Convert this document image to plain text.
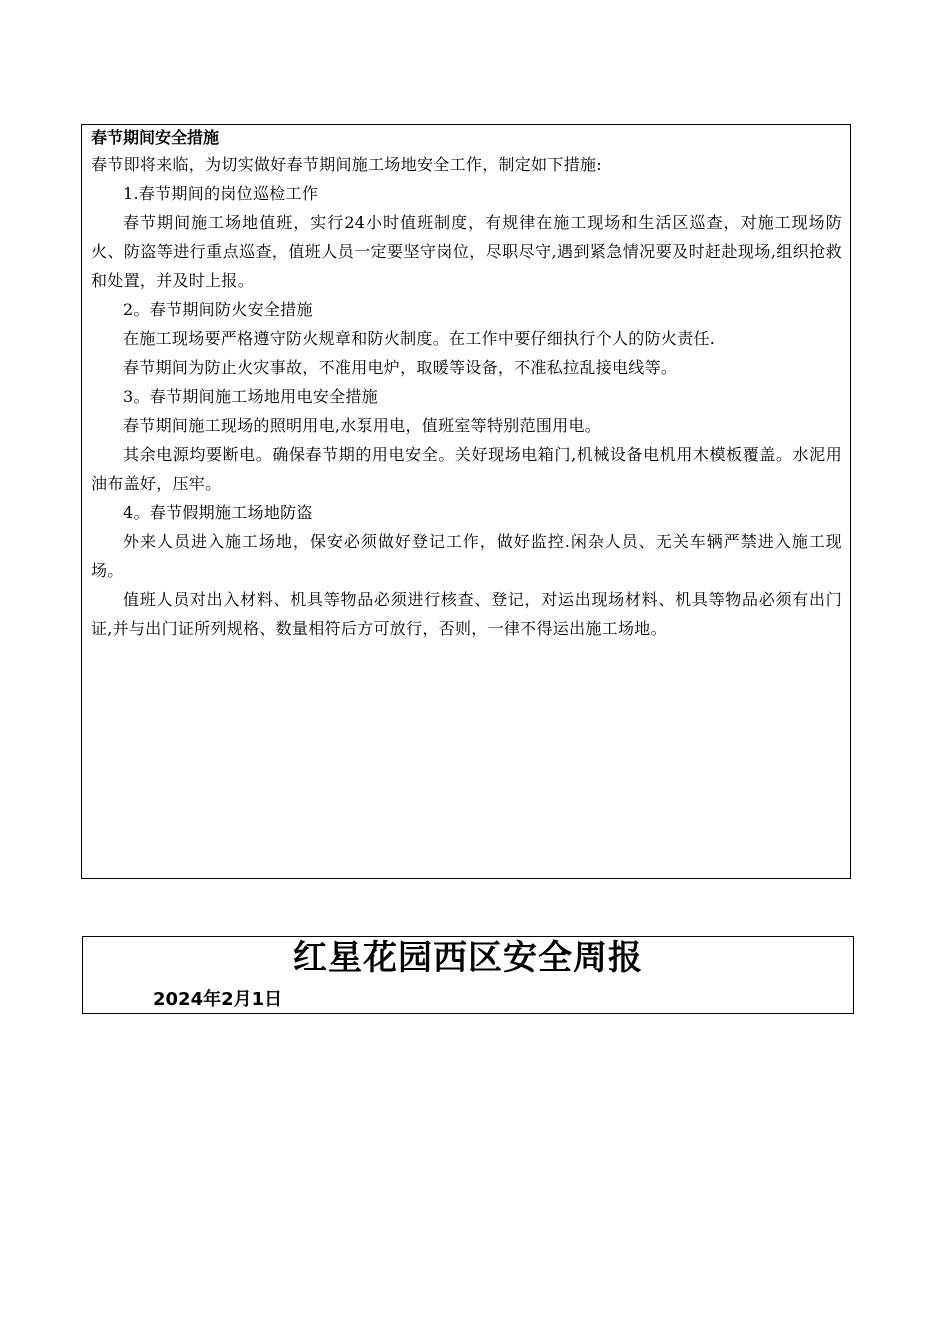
春节期间安全措施

春节即将来临，为切实做好春节期间施工场地安全工作，制定如下措施:

1.春节期间的岗位巡检工作

春节期间施工场地值班，实行24小时值班制度，有规律在施工现场和生活区巡查，对施工现场防火、防盗等进行重点巡查，值班人员一定要坚守岗位，尽职尽守,遇到紧急情况要及时赶赴现场,组织抢救和处置，并及时上报。

2。春节期间防火安全措施

在施工现场要严格遵守防火规章和防火制度。在工作中要仔细执行个人的防火责任.

春节期间为防止火灾事故，不准用电炉，取暖等设备，不准私拉乱接电线等。

3。春节期间施工场地用电安全措施

春节期间施工现场的照明用电,水泵用电，值班室等特别范围用电。

其余电源均要断电。确保春节期的用电安全。关好现场电箱门,机械设备电机用木模板覆盖。水泥用油布盖好，压牢。

4。春节假期施工场地防盗

外来人员进入施工场地，保安必须做好登记工作，做好监控.闲杂人员、无关车辆严禁进入施工现场。

值班人员对出入材料、机具等物品必须进行核查、登记，对运出现场材料、机具等物品必须有出门证,并与出门证所列规格、数量相符后方可放行，否则，一律不得运出施工场地。

红星花园西区安全周报
2024年2月1日
